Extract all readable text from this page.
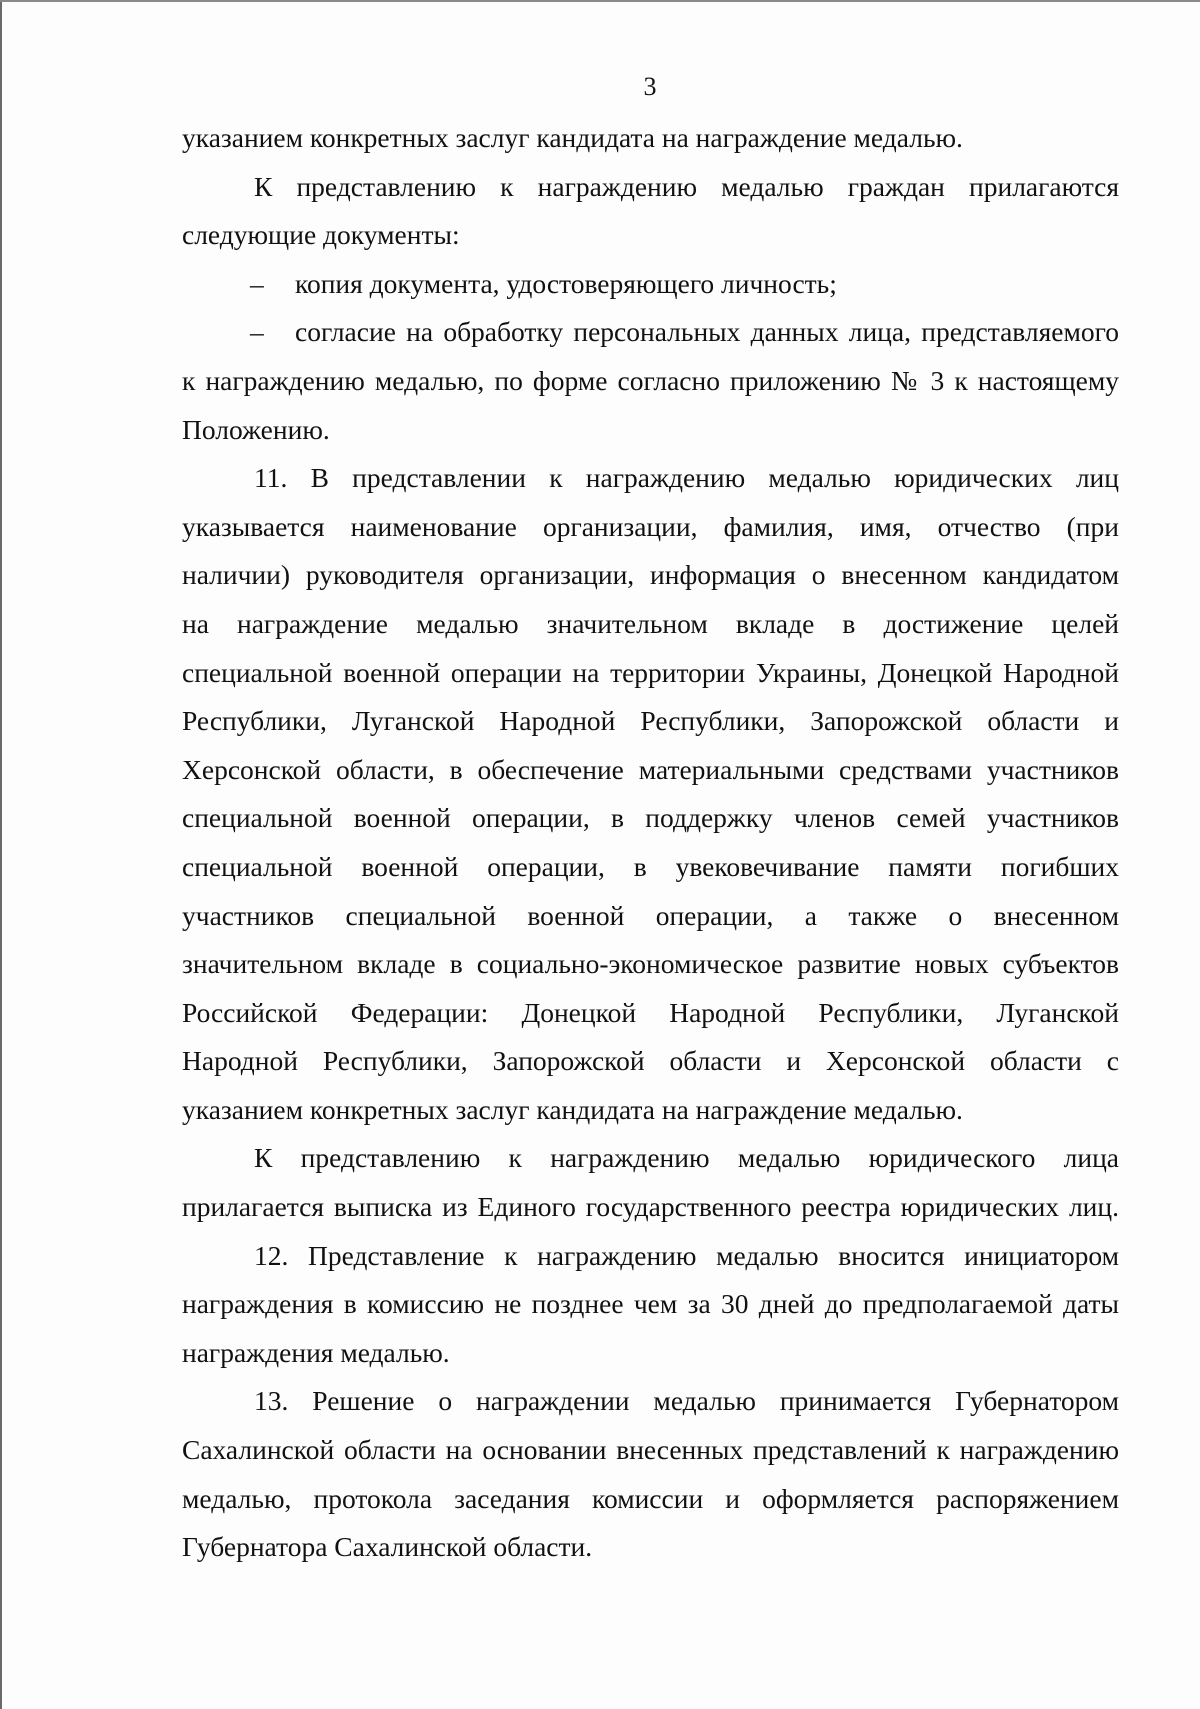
3
указанием конкретных заслуг кандидата на награждение медалью.
К представлению к награждению медалью граждан прилагаются
следующие документы:
– копия документа, удостоверяющего личность;
– согласие на обработку персональных данных лица, представляемого
к награждению медалью, по форме согласно приложению № 3 к настоящему
Положению.
11. В представлении к награждению медалью юридических лиц
указывается наименование организации, фамилия, имя, отчество (при
наличии) руководителя организации, информация о внесенном кандидатом
на награждение медалью значительном вкладе в достижение целей
специальной военной операции на территории Украины, Донецкой Народной
Республики, Луганской Народной Республики, Запорожской области и
Херсонской области, в обеспечение материальными средствами участников
специальной военной операции, в поддержку членов семей участников
специальной военной операции, в увековечивание памяти погибших
участников специальной военной операции, а также о внесенном
значительном вкладе в социально-экономическое развитие новых субъектов
Российской Федерации: Донецкой Народной Республики, Луганской
Народной Республики, Запорожской области и Херсонской области с
указанием конкретных заслуг кандидата на награждение медалью.
К представлению к награждению медалью юридического лица
прилагается выписка из Единого государственного реестра юридических лиц.
12. Представление к награждению медалью вносится инициатором
награждения в комиссию не позднее чем за 30 дней до предполагаемой даты
награждения медалью.
13. Решение о награждении медалью принимается Губернатором
Сахалинской области на основании внесенных представлений к награждению
медалью, протокола заседания комиссии и оформляется распоряжением
Губернатора Сахалинской области.
